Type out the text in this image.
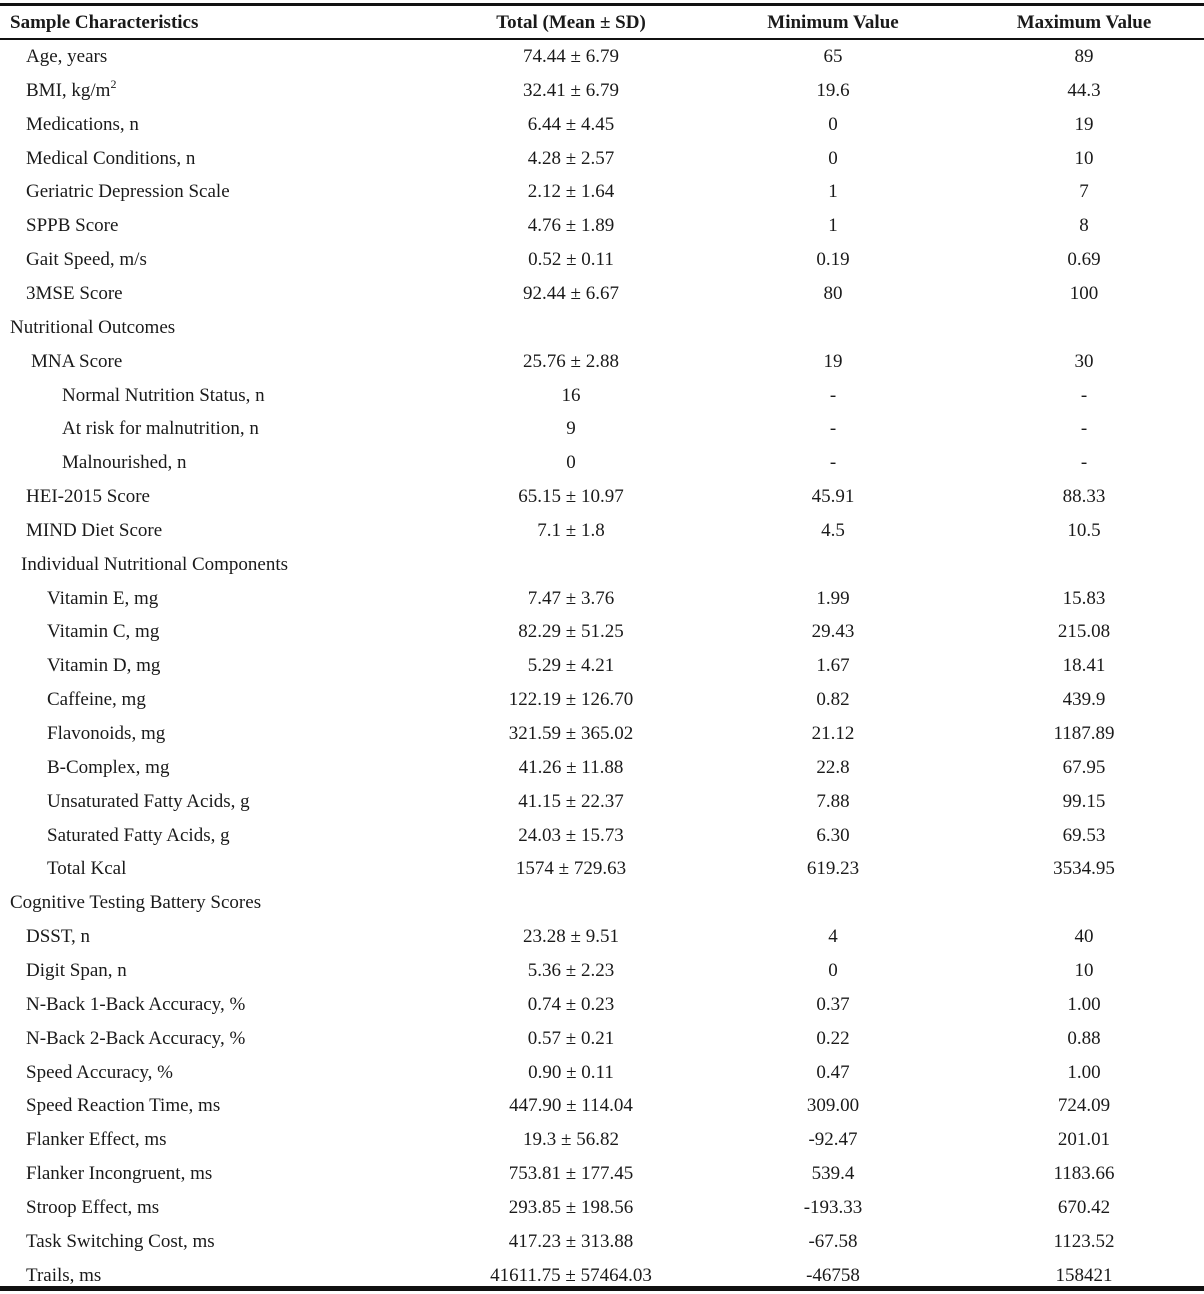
Sample Characteristics	Total (Mean ± SD)	Minimum Value	Maximum Value
Age, years	74.44 ± 6.79	65	89
BMI, $kg/m^2$	32.41 ± 6.79	19.6	44.3
Medications, n	6.44 ± 4.45	0	19
Medical Conditions, n	4.28 ± 2.57	0	10
Geriatric Depression Scale	2.12 ± 1.64	1	7
SPPB Score	4.76 ± 1.89	1	8
Gait Speed, m/s	0.52 ± 0.11	0.19	0.69
3MSE Score	92.44 ± 6.67	80	100
Nutritional Outcomes
MNA Score	25.76 ± 2.88	19	30
Normal Nutrition Status, n	16	-	-
At risk for malnutrition, n	9	-	-
Malnourished, n	0	-	-
HEI-2015 Score	65.15 ± 10.97	45.91	88.33
MIND Diet Score	7.1 ± 1.8	4.5	10.5
Individual Nutritional Components
Vitamin E, mg	7.47 ± 3.76	1.99	15.83
Vitamin C, mg	82.29 ± 51.25	29.43	215.08
Vitamin D, mg	5.29 ± 4.21	1.67	18.41
Caffeine, mg	122.19 ± 126.70	0.82	439.9
Flavonoids, mg	321.59 ± 365.02	21.12	1187.89
B-Complex, mg	41.26 ± 11.88	22.8	67.95
Unsaturated Fatty Acids, g	41.15 ± 22.37	7.88	99.15
Saturated Fatty Acids, g	24.03 ± 15.73	6.30	69.53
Total Kcal	1574 ± 729.63	619.23	3534.95
Cognitive Testing Battery Scores
DSST, n	23.28 ± 9.51	4	40
Digit Span, n	5.36 ± 2.23	0	10
N-Back 1-Back Accuracy, %	0.74 ± 0.23	0.37	1.00
N-Back 2-Back Accuracy, %	0.57 ± 0.21	0.22	0.88
Speed Accuracy, %	0.90 ± 0.11	0.47	1.00
Speed Reaction Time, ms	447.90 ± 114.04	309.00	724.09
Flanker Effect, ms	19.3 ± 56.82	-92.47	201.01
Flanker Incongruent, ms	753.81 ± 177.45	539.4	1183.66
Stroop Effect, ms	293.85 ± 198.56	-193.33	670.42
Task Switching Cost, ms	417.23 ± 313.88	-67.58	1123.52
Trails, ms	41611.75 ± 57464.03	-46758	158421
